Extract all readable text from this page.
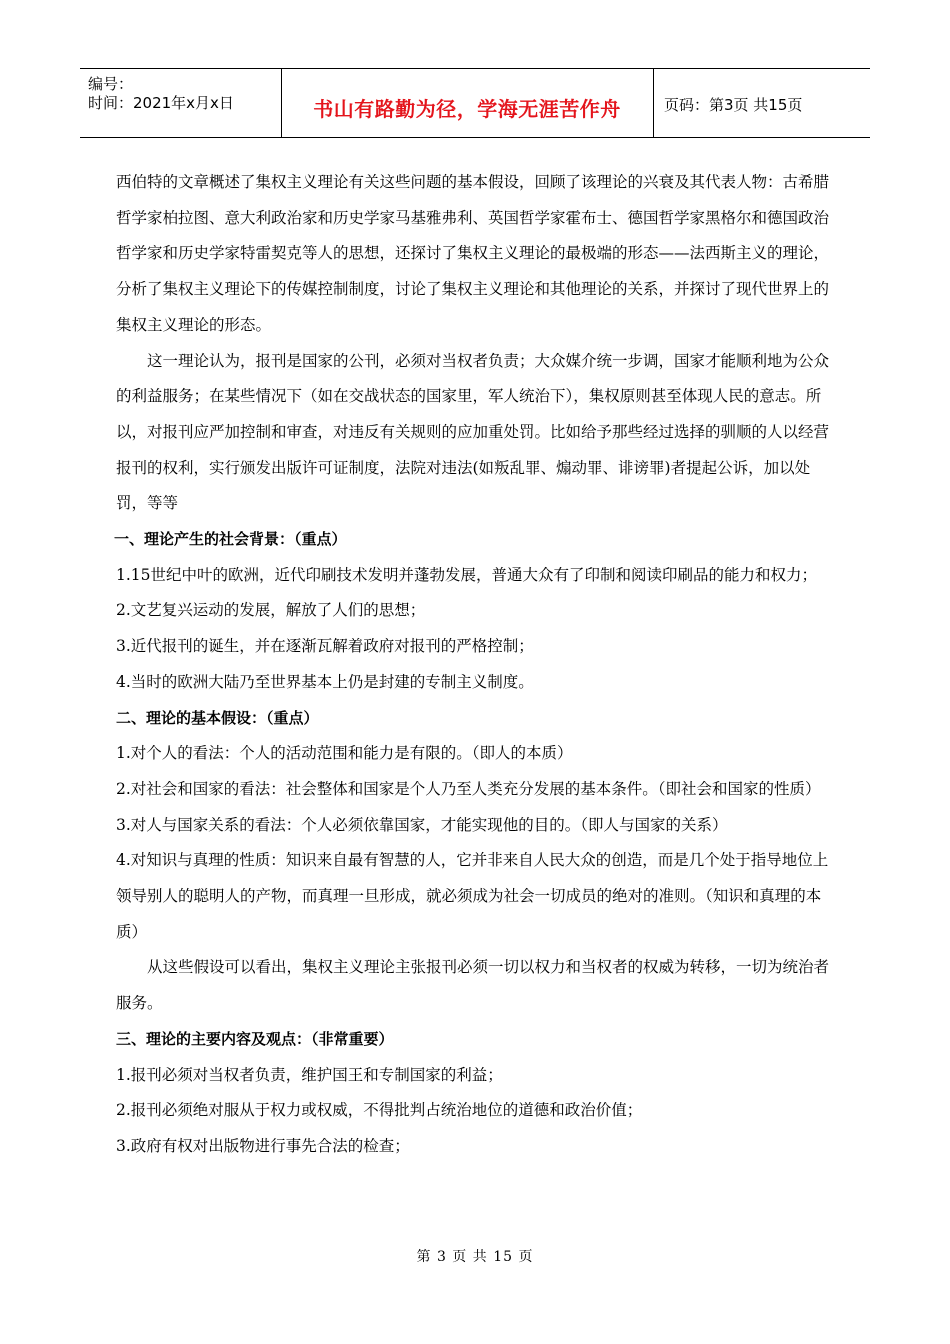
编号：
时间：2021年x月x日	书山有路勤为径，学海无涯苦作舟	页码：第3页 共15页

西伯特的文章概述了集权主义理论有关这些问题的基本假设，回顾了该理论的兴衰及其代表人物：古希腊哲学家柏拉图、意大利政治家和历史学家马基雅弗利、英国哲学家霍布士、德国哲学家黑格尔和德国政治哲学家和历史学家特雷契克等人的思想，还探讨了集权主义理论的最极端的形态——法西斯主义的理论，分析了集权主义理论下的传媒控制制度，讨论了集权主义理论和其他理论的关系，并探讨了现代世界上的集权主义理论的形态。

这一理论认为，报刊是国家的公刊，必须对当权者负责；大众媒介统一步调，国家才能顺利地为公众的利益服务；在某些情况下（如在交战状态的国家里，军人统治下），集权原则甚至体现人民的意志。所以，对报刊应严加控制和审查，对违反有关规则的应加重处罚。比如给予那些经过选择的驯顺的人以经营报刊的权利，实行颁发出版许可证制度，法院对违法(如叛乱罪、煽动罪、诽谤罪)者提起公诉，加以处罚，等等

一、理论产生的社会背景：（重点）

1.15世纪中叶的欧洲，近代印刷技术发明并蓬勃发展，普通大众有了印制和阅读印刷品的能力和权力；

2.文艺复兴运动的发展，解放了人们的思想；

3.近代报刊的诞生，并在逐渐瓦解着政府对报刊的严格控制；

4.当时的欧洲大陆乃至世界基本上仍是封建的专制主义制度。

二、理论的基本假设：（重点）

1.对个人的看法：个人的活动范围和能力是有限的。（即人的本质）

2.对社会和国家的看法：社会整体和国家是个人乃至人类充分发展的基本条件。（即社会和国家的性质）

3.对人与国家关系的看法：个人必须依靠国家，才能实现他的目的。（即人与国家的关系）

4.对知识与真理的性质：知识来自最有智慧的人，它并非来自人民大众的创造，而是几个处于指导地位上领导别人的聪明人的产物，而真理一旦形成，就必须成为社会一切成员的绝对的准则。（知识和真理的本质）

从这些假设可以看出，集权主义理论主张报刊必须一切以权力和当权者的权威为转移，一切为统治者服务。

三、理论的主要内容及观点：（非常重要）

1.报刊必须对当权者负责，维护国王和专制国家的利益；

2.报刊必须绝对服从于权力或权威，不得批判占统治地位的道德和政治价值；

3.政府有权对出版物进行事先合法的检查；

第 3 页 共 15 页
